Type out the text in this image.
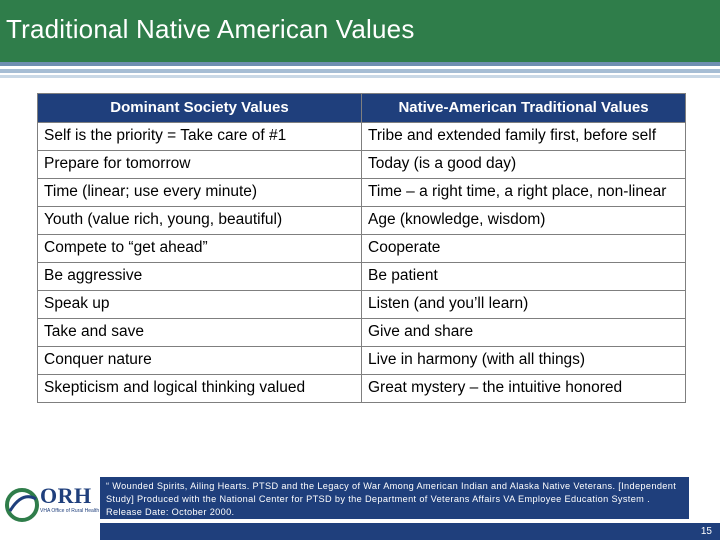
Traditional Native American Values
Dominant Society Values	Native-American Traditional Values
Self is the priority = Take care of #1	Tribe and extended family first, before self
Prepare for tomorrow	Today (is a good day)
Time (linear; use every minute)	Time – a right time, a right place, non-linear
Youth (value rich, young, beautiful)	Age (knowledge, wisdom)
Compete to “get ahead”	Cooperate
Be aggressive	Be patient
Speak up	Listen (and you’ll learn)
Take and save	Give and share
Conquer nature	Live in harmony (with all things)
Skepticism and logical thinking valued	Great mystery – the intuitive honored
ORH
VHA Office of Rural Health
“ Wounded Spirits, Ailing Hearts. PTSD and the Legacy of War Among American Indian and Alaska Native Veterans. [Independent Study] Produced with the National Center for PTSD by the Department of Veterans Affairs VA Employee Education System . Release Date: October 2000.
15
